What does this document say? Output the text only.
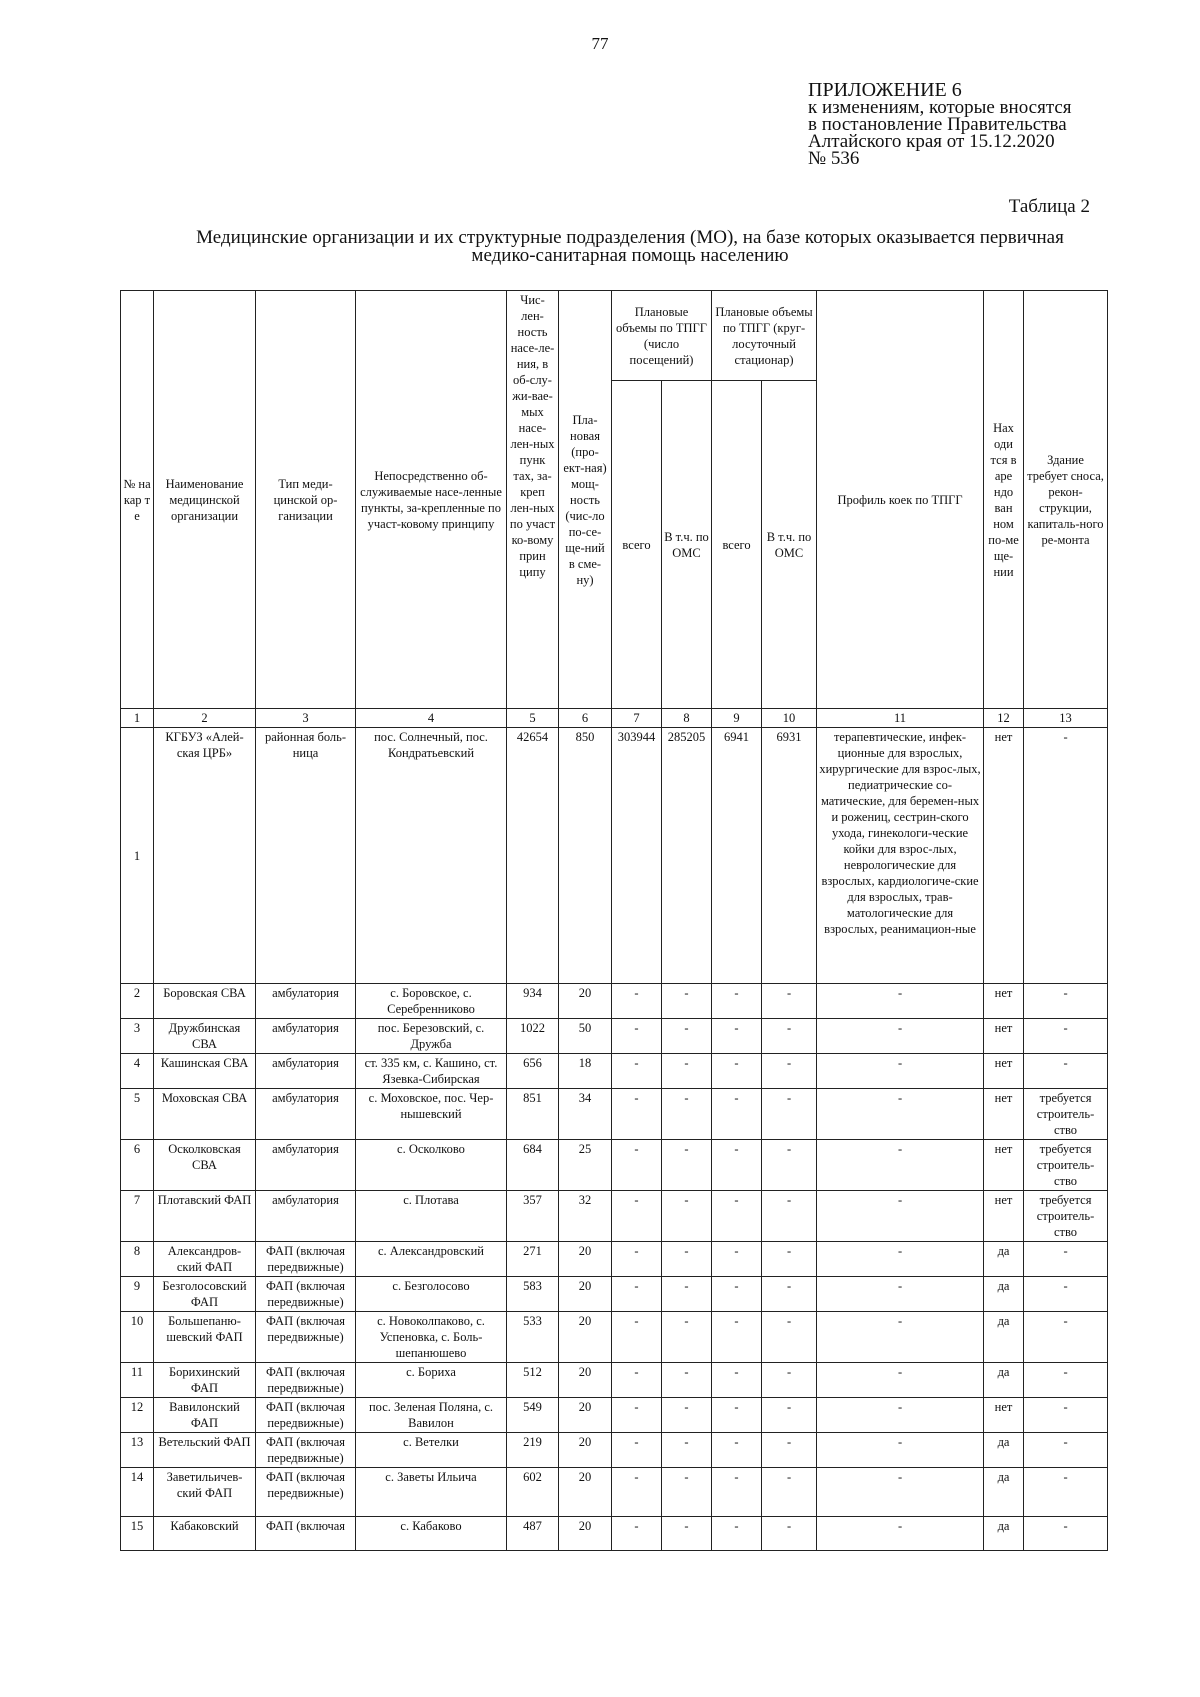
77
ПРИЛОЖЕНИЕ 6
к изменениям, которые вносятся
в постановление Правительства
Алтайского края от 15.12.2020
№ 536
Таблица 2
Медицинские организации и их структурные подразделения (МО), на базе которых оказывается первичная медико-санитарная помощь населению
№ на кар те	Наименование медицинской организации	Тип меди-цинской ор-ганизации	Непосредственно об-служиваемые насе-ленные пункты, за-крепленные по участ-ковому принципу	Чис-лен-ность насе-ле-ния, в об-слу-жи-вае-мых насе-лен-ных пунк тах, за-креп лен-ных по участ ко-вому прин ципу	Пла-новая (про-ект-ная) мощ-ность (чис-ло по-се-ще-ний в сме-ну)	Плановые объемы по ТПГГ (число посещений)		Плановые объемы по ТПГГ (круг-лосуточный стационар)		Профиль коек по ТПГГ	Нах оди тся в аре ндо ван ном по-ме ще-нии	Здание требует сноса, рекон-струкции, капиталь-ного ре-монта
						всего	В т.ч. по ОМС	всего	В т.ч. по ОМС			
1	2	3	4	5	6	7	8	9	10	11	12	13
1	КГБУЗ «Алей-ская ЦРБ»	районная боль-ница	пос. Солнечный, пос. Кондратьевский	42654	850	303944	285205	6941	6931	терапевтические, инфек-ционные для взрослых, хирургические для взрос-лых, педиатрические со-матические, для беремен-ных и рожениц, сестрин-ского ухода, гинекологи-ческие койки для взрос-лых, неврологические для взрослых, кардиологиче-ские для взрослых, трав-матологические для взрослых, реанимацион-ные	нет	-
2	Боровская СВА	амбулатория	с. Боровское, с. Серебренниково	934	20	-	-	-	-	-	нет	-
3	Дружбинская СВА	амбулатория	пос. Березовский, с. Дружба	1022	50	-	-	-	-	-	нет	-
4	Кашинская СВА	амбулатория	ст. 335 км, с. Кашино, ст. Язевка-Сибирская	656	18	-	-	-	-	-	нет	-
5	Моховская СВА	амбулатория	с. Моховское, пос. Чер-нышевский	851	34	-	-	-	-	-	нет	требуется строитель-ство
6	Осколковская СВА	амбулатория	с. Осколково	684	25	-	-	-	-	-	нет	требуется строитель-ство
7	Плотавский ФАП	амбулатория	с. Плотава	357	32	-	-	-	-	-	нет	требуется строитель-ство
8	Александров-ский ФАП	ФАП (включая передвижные)	с. Александровский	271	20	-	-	-	-	-	да	-
9	Безголосовский ФАП	ФАП (включая передвижные)	с. Безголосово	583	20	-	-	-	-	-	да	-
10	Большепаню-шевский ФАП	ФАП (включая передвижные)	с. Новоколпаково, с. Успеновка, с. Боль-шепанюшево	533	20	-	-	-	-	-	да	-
11	Борихинский ФАП	ФАП (включая передвижные)	с. Бориха	512	20	-	-	-	-	-	да	-
12	Вавилонский ФАП	ФАП (включая передвижные)	пос. Зеленая Поляна, с. Вавилон	549	20	-	-	-	-	-	нет	-
13	Ветельский ФАП	ФАП (включая передвижные)	с. Ветелки	219	20	-	-	-	-	-	да	-
14	Заветильичев-ский ФАП	ФАП (включая передвижные)	с. Заветы Ильича	602	20	-	-	-	-	-	да	-
15	Кабаковский	ФАП (включая	с. Кабаково	487	20	-	-	-	-	-	да	-
